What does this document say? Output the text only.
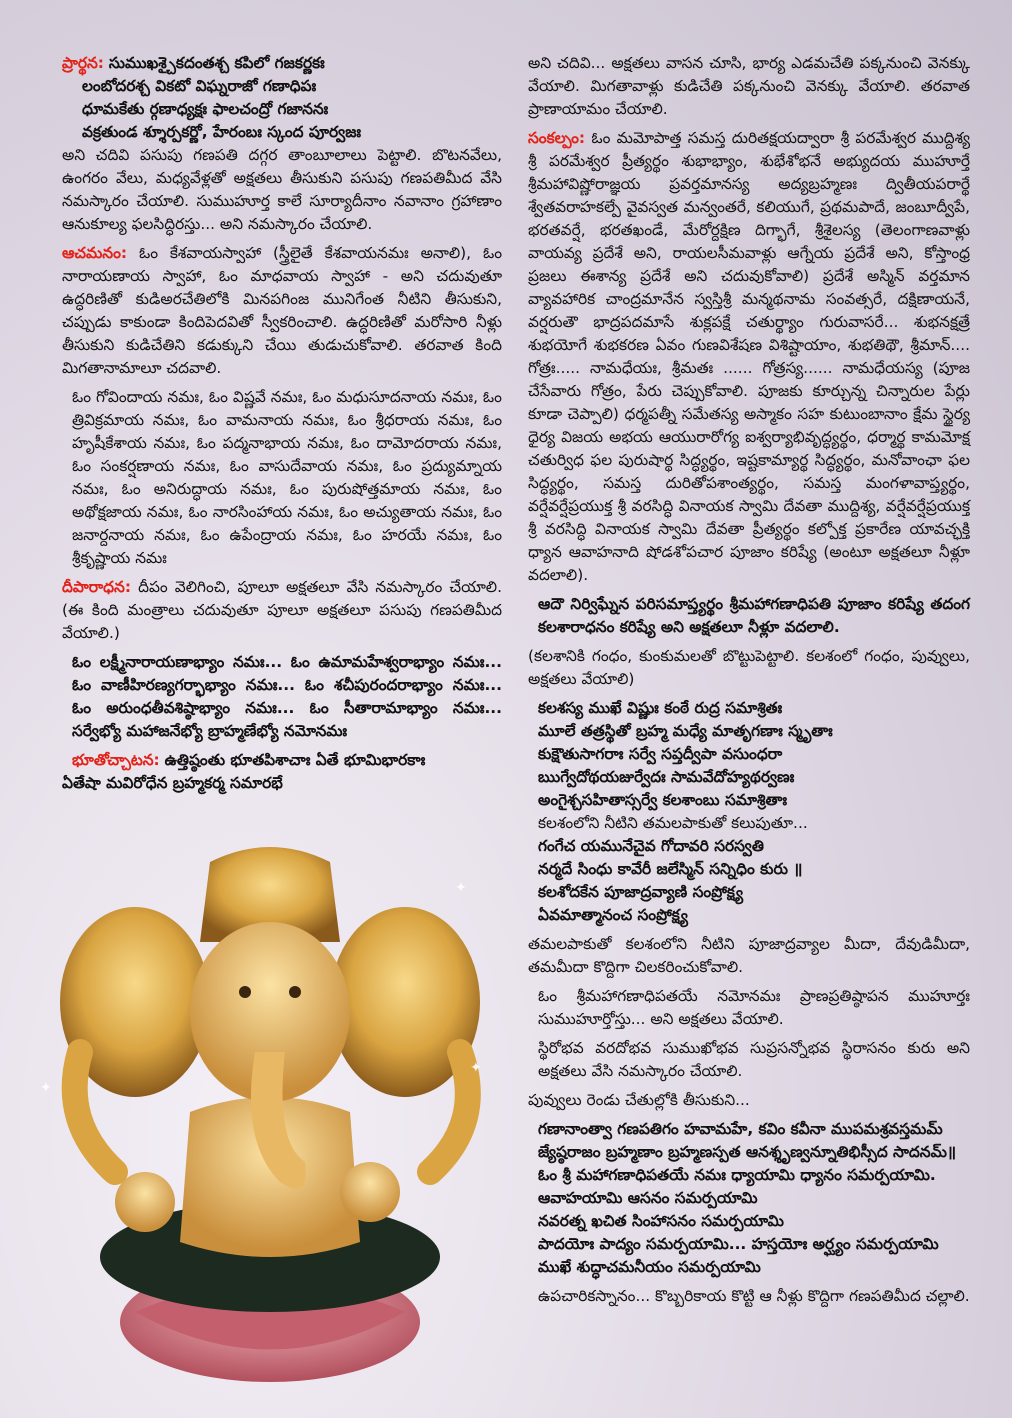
ప్రార్థన: సుముఖశ్చైకదంతశ్చ కపిలో గజకర్ణకః
లంబోదరశ్చ వికటో విఘ్నరాజో గణాధిపః
ధూమకేతు ర్గణాధ్యక్షః ఫాలచంద్రో గజాననః
వక్రతుండ శ్శూర్పకర్ణో, హేరంబః స్కంద పూర్వజః
అని చదివి పసుపు గణపతి దగ్గర తాంబూలాలు పెట్టాలి. బొటనవేలు, ఉంగరం వేలు, మధ్యవేళ్లతో అక్షతలు తీసుకుని పసుపు గణపతిమీద వేసి నమస్కారం చేయాలి. సుముహూర్త కాలే సూర్యాదీనాం నవానాం గ్రహాణాం ఆనుకూల్య ఫలసిద్ధిరస్తు... అని నమస్కారం చేయాలి.

ఆచమనం: ఓం కేశవాయస్వాహా (స్త్రీలైతే కేశవాయనమః అనాలి), ఓం నారాయణాయ స్వాహా, ఓం మాధవాయ స్వాహా - అని చదువుతూ ఉద్ధరిణితో కుడిఅరచేతిలోకి మినపగింజ మునిగేంత నీటిని తీసుకుని, చప్పుడు కాకుండా కిందిపెదవితో స్వీకరించాలి. ఉద్ధరిణితో మరోసారి నీళ్లు తీసుకుని కుడిచేతిని కడుక్కుని చేయి తుడుచుకోవాలి. తరవాత కింది మిగతానామాలూ చదవాలి.

ఓం గోవిందాయ నమః, ఓం విష్ణవే నమః, ఓం మధుసూదనాయ నమః, ఓం త్రివిక్రమాయ నమః, ఓం వామనాయ నమః, ఓం శ్రీధరాయ నమః, ఓం హృషీకేశాయ నమః, ఓం పద్మనాభాయ నమః, ఓం దామోదరాయ నమః, ఓం సంకర్షణాయ నమః, ఓం వాసుదేవాయ నమః, ఓం ప్రద్యుమ్నాయ నమః, ఓం అనిరుద్ధాయ నమః, ఓం పురుషోత్తమాయ నమః, ఓం అథోక్షజాయ నమః, ఓం నారసింహాయ నమః, ఓం అచ్యుతాయ నమః, ఓం జనార్దనాయ నమః, ఓం ఉపేంద్రాయ నమః, ఓం హరయే నమః, ఓం శ్రీకృష్ణాయ నమః

దీపారాధన: దీపం వెలిగించి, పూలూ అక్షతలూ వేసి నమస్కారం చేయాలి. (ఈ కింది మంత్రాలు చదువుతూ పూలూ అక్షతలూ పసుపు గణపతిమీద వేయాలి.)

ఓం లక్ష్మీనారాయణాభ్యాం నమః... ఓం ఉమామహేశ్వరాభ్యాం నమః... ఓం వాణీహిరణ్యగర్భాభ్యాం నమః... ఓం శచీపురందరాభ్యాం నమః... ఓం అరుంధతీవశిష్ఠాభ్యాం నమః... ఓం సీతారామాభ్యాం నమః... సర్వేభ్యో మహాజనేభ్యో బ్రాహ్మణేభ్యో నమోనమః

భూతోచ్చాటన: ఉత్తిష్ఠంతు భూతపిశాచాః ఏతే భూమిభారకాః
ఏతేషా మవిరోధేన బ్రహ్మకర్మ సమారభే

✦
✦
✦

అని చదివి... అక్షతలు వాసన చూసి, భార్య ఎడమచేతి పక్కనుంచి వెనక్కు వేయాలి. మిగతావాళ్లు కుడిచేతి పక్కనుంచి వెనక్కు వేయాలి. తరవాత ప్రాణాయామం చేయాలి.

సంకల్పం: ఓం మమోపాత్త సమస్త దురితక్షయద్వారా శ్రీ పరమేశ్వర ముద్దిశ్య శ్రీ పరమేశ్వర ప్రీత్యర్థం శుభాభ్యాం, శుభేశోభనే అభ్యుదయ ముహూర్తే శ్రీమహావిష్ణోరాజ్ఞయ ప్రవర్తమానస్య అద్యబ్రహ్మణః ద్వితీయపరార్థే శ్వేతవరాహకల్పే వైవస్వత మన్వంతరే, కలియుగే, ప్రథమపాదే, జంబూద్వీపే, భరతవర్షే, భరతఖండే, మేరోర్దక్షిణ దిగ్భాగే, శ్రీశైలస్య (తెలంగాణవాళ్లు వాయవ్య ప్రదేశే అని, రాయలసీమవాళ్లు ఆగ్నేయ ప్రదేశే అని, కోస్తాంధ్ర ప్రజలు ఈశాన్య ప్రదేశే అని చదువుకోవాలి) ప్రదేశే అస్మిన్ వర్తమాన వ్యావహారిక చాంద్రమానేన స్వస్తిశ్రీ మన్మథనామ సంవత్సరే, దక్షిణాయనే, వర్షరుతౌ భాద్రపదమాసే శుక్లపక్షే చతుర్థ్యాం గురువాసరే... శుభనక్షత్రే శుభయోగే శుభకరణ ఏవం గుణవిశేషణ విశిష్టాయాం, శుభతిథౌ, శ్రీమాన్.... గోత్రః..... నామధేయః, శ్రీమతః ...... గోత్రస్య...... నామధేయస్య (పూజ చేసేవారు గోత్రం, పేరు చెప్పుకోవాలి. పూజకు కూర్చున్న చిన్నారుల పేర్లు కూడా చెప్పాలి) ధర్మపత్నీ సమేతస్య అస్మాకం సహ కుటుంబానాం క్షేమ స్థైర్య ధైర్య విజయ అభయ ఆయురారోగ్య ఐశ్వర్యాభివృద్ధ్యర్థం, ధర్మార్థ కామమోక్ష చతుర్విధ ఫల పురుషార్థ సిద్ధ్యర్థం, ఇష్టకామ్యార్థ సిద్ధ్యర్థం, మనోవాంఛా ఫల సిద్ధ్యర్థం, సమస్త దురితోపశాంత్యర్థం, సమస్త మంగళావాప్త్యర్థం, వర్షేవర్షేప్రయుక్త శ్రీ వరసిద్ధి వినాయక స్వామి దేవతా ముద్దిశ్య, వర్షేవర్షేప్రయుక్త శ్రీ వరసిద్ధి వినాయక స్వామి దేవతా ప్రీత్యర్థం కల్పోక్త ప్రకారేణ యావచ్ఛక్తి ధ్యాన ఆవాహనాది షోడశోపచార పూజాం కరిష్యే (అంటూ అక్షతలూ నీళ్లూ వదలాలి).

ఆదౌ నిర్విఘ్నేన పరిసమాప్త్యర్థం శ్రీమహాగణాధిపతి పూజాం కరిష్యే తదంగ కలశారాధనం కరిష్యే అని అక్షతలూ నీళ్లూ వదలాలి.

(కలశానికి గంధం, కుంకుమలతో బొట్టుపెట్టాలి. కలశంలో గంధం, పువ్వులు, అక్షతలు వేయాలి)

కలశస్య ముఖే విష్ణుః కంఠే రుద్ర సమాశ్రితః
మూలే తత్రస్థితో బ్రహ్మ మధ్యే మాతృగణాః స్మృతాః
కుక్షౌతుసాగరాః సర్వే సప్తద్వీపా వసుంధరా
ఋగ్వేదోథయజుర్వేదః సామవేదోహ్యథర్వణః
అంగైశ్చసహితాస్సర్వే కలశాంబు సమాశ్రితాః
కలశంలోని నీటిని తమలపాకుతో కలుపుతూ...
గంగేచ యమునేచైవ గోదావరి సరస్వతి
నర్మదే సింధు కావేరీ జలేస్మిన్ సన్నిధిం కురు ॥
కలశోదకేన పూజాద్రవ్యాణి సంప్రోక్ష్య
ఏవమాత్మానంచ సంప్రోక్ష్య

తమలపాకుతో కలశంలోని నీటిని పూజాద్రవ్యాల మీదా, దేవుడిమీదా, తమమీదా కొద్దిగా చిలకరించుకోవాలి.

ఓం శ్రీమహాగణాధిపతయే నమోనమః ప్రాణప్రతిష్ఠాపన ముహూర్తః సుముహూర్తోస్తు... అని అక్షతలు వేయాలి.

స్థిరోభవ వరదోభవ సుముఖోభవ సుప్రసన్నోభవ స్థిరాసనం కురు అని అక్షతలు వేసి నమస్కారం చేయాలి.

పువ్వులు రెండు చేతుల్లోకి తీసుకుని...

గణానాంత్వా గణపతిగం హవామహే, కవిం కవీనా ముపమశ్రవస్తమమ్
జ్యేష్ఠరాజం బ్రహ్మణాం బ్రహ్మణస్పత ఆనశ్శృణ్వన్నూతిభిస్సీద సాదనమ్॥
ఓం శ్రీ మహాగణాధిపతయే నమః ధ్యాయామి ధ్యానం సమర్పయామి.
ఆవాహయామి ఆసనం సమర్పయామి
నవరత్న ఖచిత సింహాసనం సమర్పయామి
పాదయోః పాద్యం సమర్పయామి... హస్తయోః అర్ఘ్యం సమర్పయామి
ముఖే శుద్ధాచమనీయం సమర్పయామి

ఉపచారికస్నానం... కొబ్బరికాయ కొట్టి ఆ నీళ్లు కొద్దిగా గణపతిమీద చల్లాలి.
